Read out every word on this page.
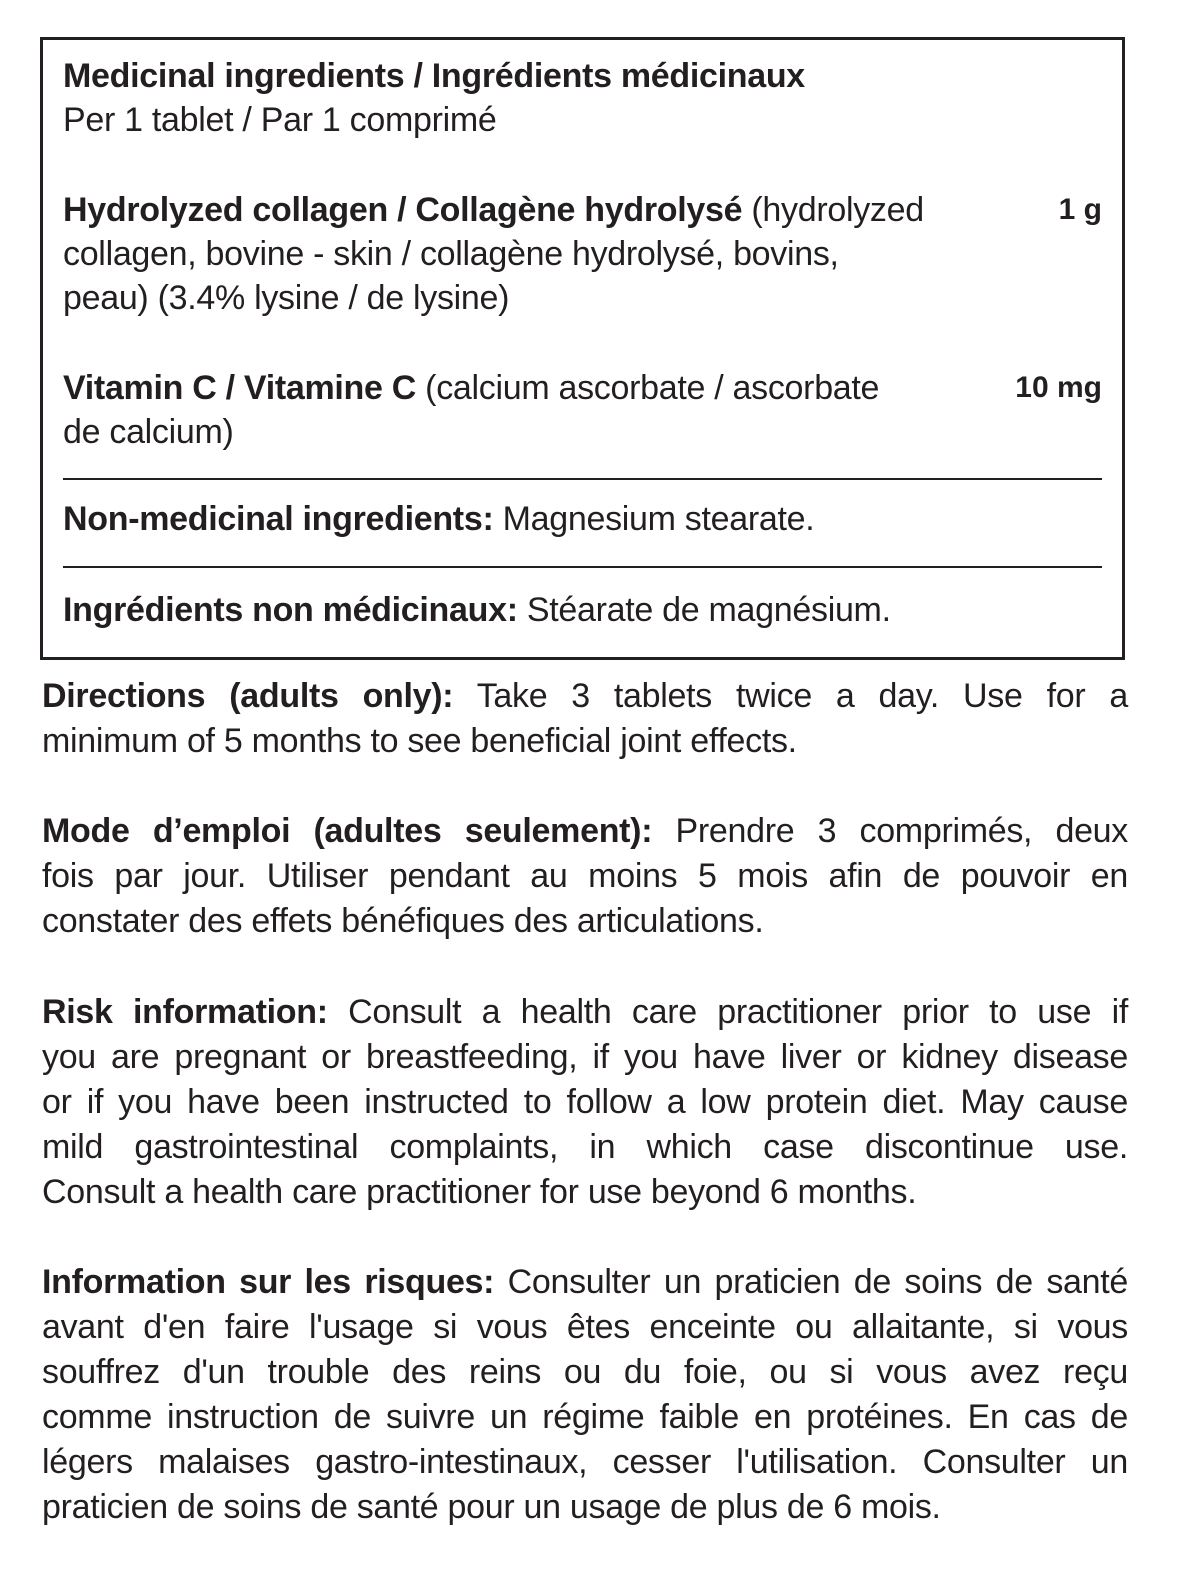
Medicinal ingredients / Ingrédients médicinaux
Per 1 tablet / Par 1 comprimé
Hydrolyzed collagen / Collagène hydrolysé (hydrolyzed
collagen, bovine - skin / collagène hydrolysé, bovins,
peau) (3.4% lysine / de lysine)
1 g
Vitamin C / Vitamine C (calcium ascorbate / ascorbate
de calcium)
10 mg
Non-medicinal ingredients: Magnesium stearate.
Ingrédients non médicinaux: Stéarate de magnésium.
Directions (adults only): Take 3 tablets twice a day. Use for a
minimum of 5 months to see beneficial joint effects.
Mode d’emploi (adultes seulement): Prendre 3 comprimés, deux
fois par jour. Utiliser pendant au moins 5 mois afin de pouvoir en
constater des effets bénéfiques des articulations.
Risk information: Consult a health care practitioner prior to use if
you are pregnant or breastfeeding, if you have liver or kidney disease
or if you have been instructed to follow a low protein diet. May cause
mild gastrointestinal complaints, in which case discontinue use.
Consult a health care practitioner for use beyond 6 months.
Information sur les risques: Consulter un praticien de soins de santé
avant d'en faire l'usage si vous êtes enceinte ou allaitante, si vous
souffrez d'un trouble des reins ou du foie, ou si vous avez reçu
comme instruction de suivre un régime faible en protéines. En cas de
légers malaises gastro-intestinaux, cesser l'utilisation. Consulter un
praticien de soins de santé pour un usage de plus de 6 mois.
